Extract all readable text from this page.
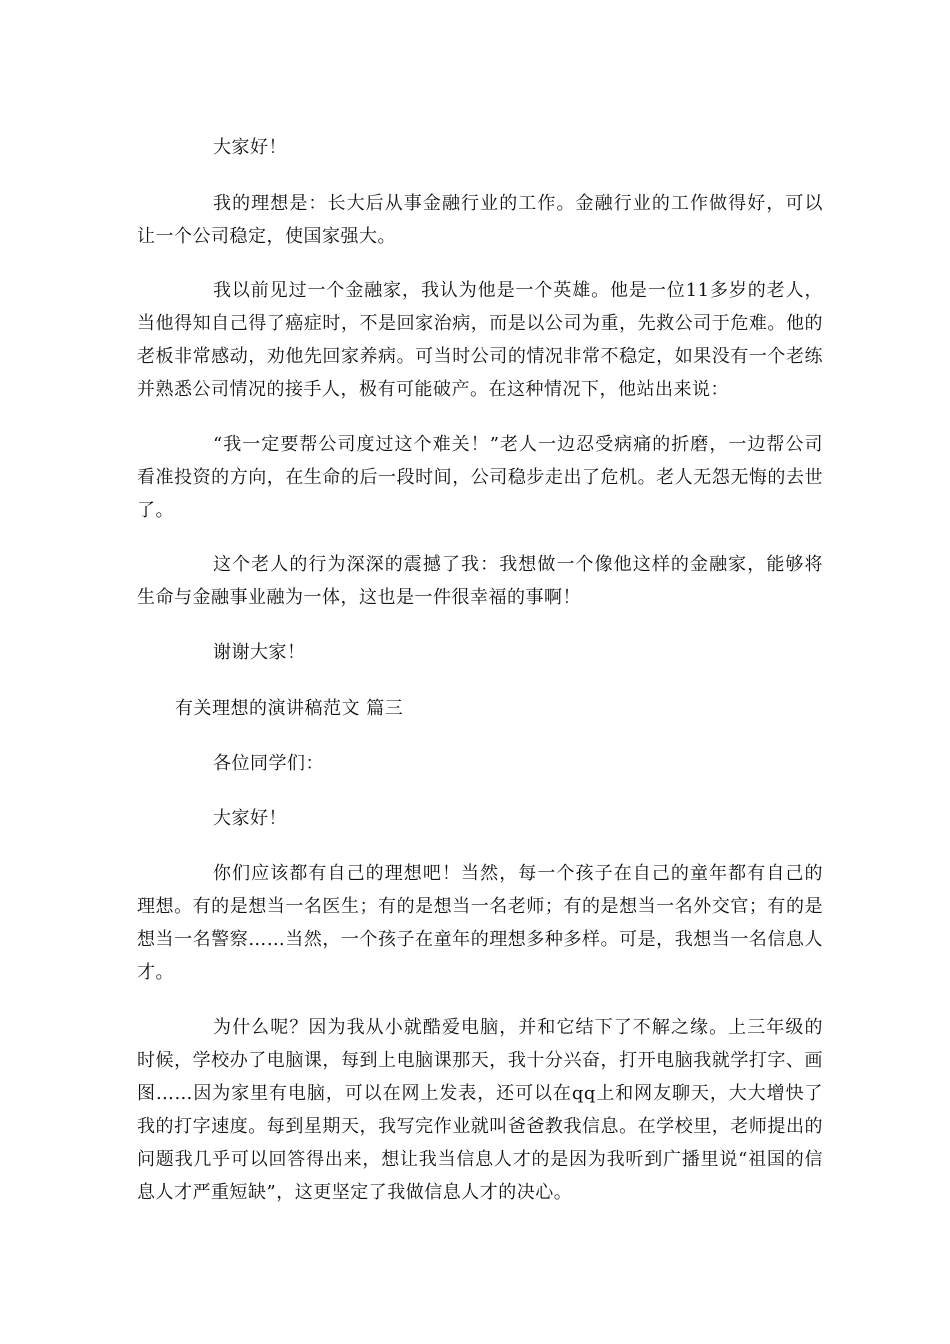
大家好！

我的理想是：长大后从事金融行业的工作。金融行业的工作做得好，可以让一个公司稳定，使国家强大。

我以前见过一个金融家，我认为他是一个英雄。他是一位11多岁的老人，当他得知自己得了癌症时，不是回家治病，而是以公司为重，先救公司于危难。他的老板非常感动，劝他先回家养病。可当时公司的情况非常不稳定，如果没有一个老练并熟悉公司情况的接手人，极有可能破产。在这种情况下，他站出来说：

“我一定要帮公司度过这个难关！”老人一边忍受病痛的折磨，一边帮公司看准投资的方向，在生命的后一段时间，公司稳步走出了危机。老人无怨无悔的去世了。

这个老人的行为深深的震撼了我：我想做一个像他这样的金融家，能够将生命与金融事业融为一体，这也是一件很幸福的事啊！

谢谢大家！

有关理想的演讲稿范文 篇三

各位同学们：

大家好！

你们应该都有自己的理想吧！当然，每一个孩子在自己的童年都有自己的理想。有的是想当一名医生；有的是想当一名老师；有的是想当一名外交官；有的是想当一名警察……当然，一个孩子在童年的理想多种多样。可是，我想当一名信息人才。

为什么呢？因为我从小就酷爱电脑，并和它结下了不解之缘。上三年级的时候，学校办了电脑课，每到上电脑课那天，我十分兴奋，打开电脑我就学打字、画图……因为家里有电脑，可以在网上发表，还可以在qq上和网友聊天，大大增快了我的打字速度。每到星期天，我写完作业就叫爸爸教我信息。在学校里，老师提出的问题我几乎可以回答得出来，想让我当信息人才的是因为我听到广播里说“祖国的信息人才严重短缺”，这更坚定了我做信息人才的决心。
